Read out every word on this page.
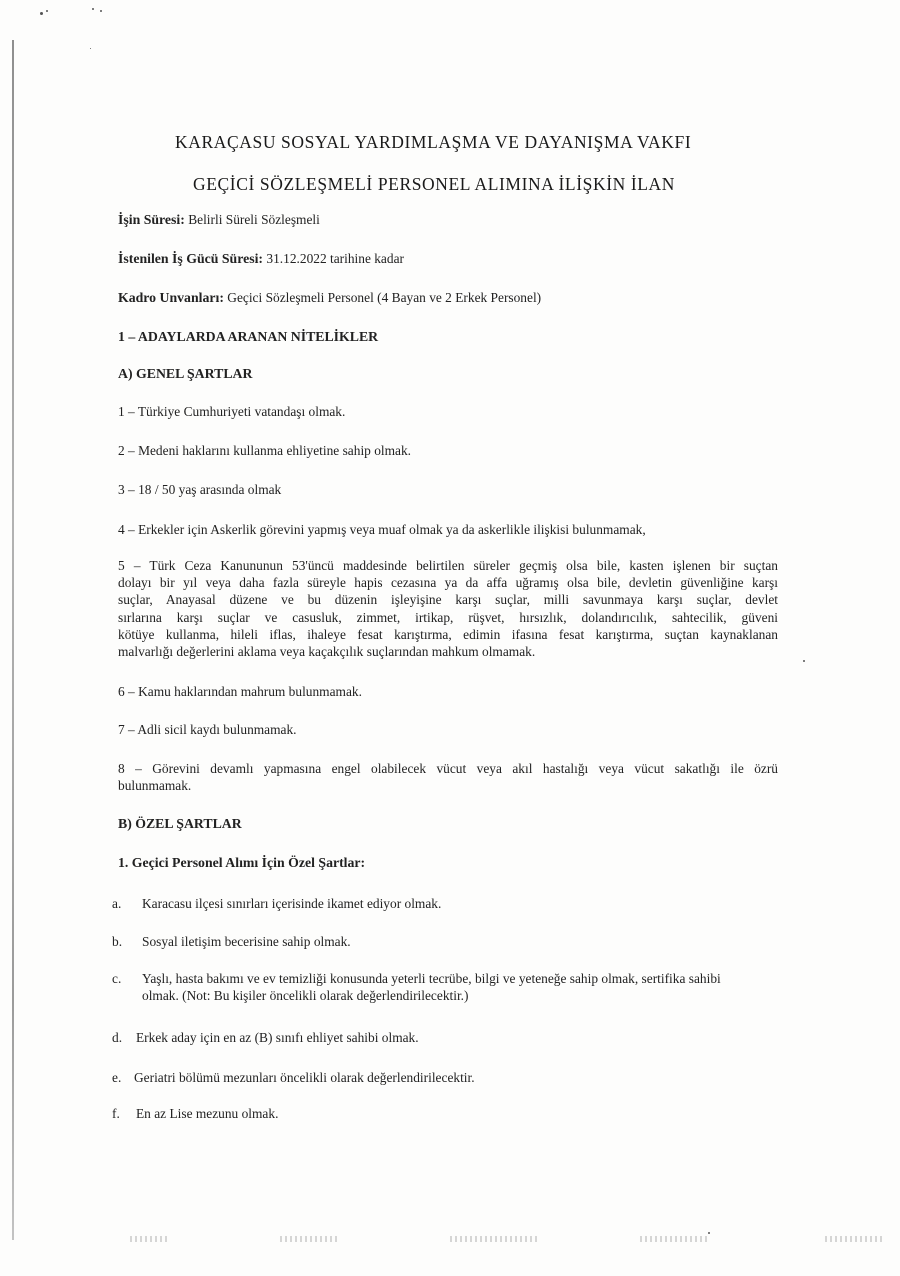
KARAÇASU SOSYAL YARDIMLAŞMA VE DAYANIŞMA VAKFI
GEÇİCİ SÖZLEŞMELİ PERSONEL ALIMINA İLİŞKİN İLAN
İşin Süresi: Belirli Süreli Sözleşmeli
İstenilen İş Gücü Süresi: 31.12.2022 tarihine kadar
Kadro Unvanları: Geçici Sözleşmeli Personel (4 Bayan ve 2 Erkek Personel)
1 – ADAYLARDA ARANAN NİTELİKLER
A) GENEL ŞARTLAR
1 – Türkiye Cumhuriyeti vatandaşı olmak.
2 – Medeni haklarını kullanma ehliyetine sahip olmak.
3 – 18 / 50 yaş arasında olmak
4 – Erkekler için Askerlik görevini yapmış veya muaf olmak ya da askerlikle ilişkisi bulunmamak,
5 – Türk Ceza Kanununun 53'üncü maddesinde belirtilen süreler geçmiş olsa bile, kasten işlenen bir suçtan
dolayı bir yıl veya daha fazla süreyle hapis cezasına ya da affa uğramış olsa bile, devletin güvenliğine karşı
suçlar, Anayasal düzene ve bu düzenin işleyişine karşı suçlar, milli savunmaya karşı suçlar, devlet
sırlarına karşı suçlar ve casusluk, zimmet, irtikap, rüşvet, hırsızlık, dolandırıcılık, sahtecilik, güveni
kötüye kullanma, hileli iflas, ihaleye fesat karıştırma, edimin ifasına fesat karıştırma, suçtan kaynaklanan
malvarlığı değerlerini aklama veya kaçakçılık suçlarından mahkum olmamak.
6 – Kamu haklarından mahrum bulunmamak.
7 – Adli sicil kaydı bulunmamak.
8 – Görevini devamlı yapmasına engel olabilecek vücut veya akıl hastalığı veya vücut sakatlığı ile özrü
bulunmamak.
B) ÖZEL ŞARTLAR
1. Geçici Personel Alımı İçin Özel Şartlar:
a. Karacasu ilçesi sınırları içerisinde ikamet ediyor olmak.
b. Sosyal iletişim becerisine sahip olmak.
c.	Yaşlı, hasta bakımı ve ev temizliği konusunda yeterli tecrübe, bilgi ve yeteneğe sahip olmak, sertifika sahibi
olmak. (Not: Bu kişiler öncelikli olarak değerlendirilecektir.)
d. Erkek aday için en az (B) sınıfı ehliyet sahibi olmak.
e. Geriatri bölümü mezunları öncelikli olarak değerlendirilecektir.
f. En az Lise mezunu olmak.
